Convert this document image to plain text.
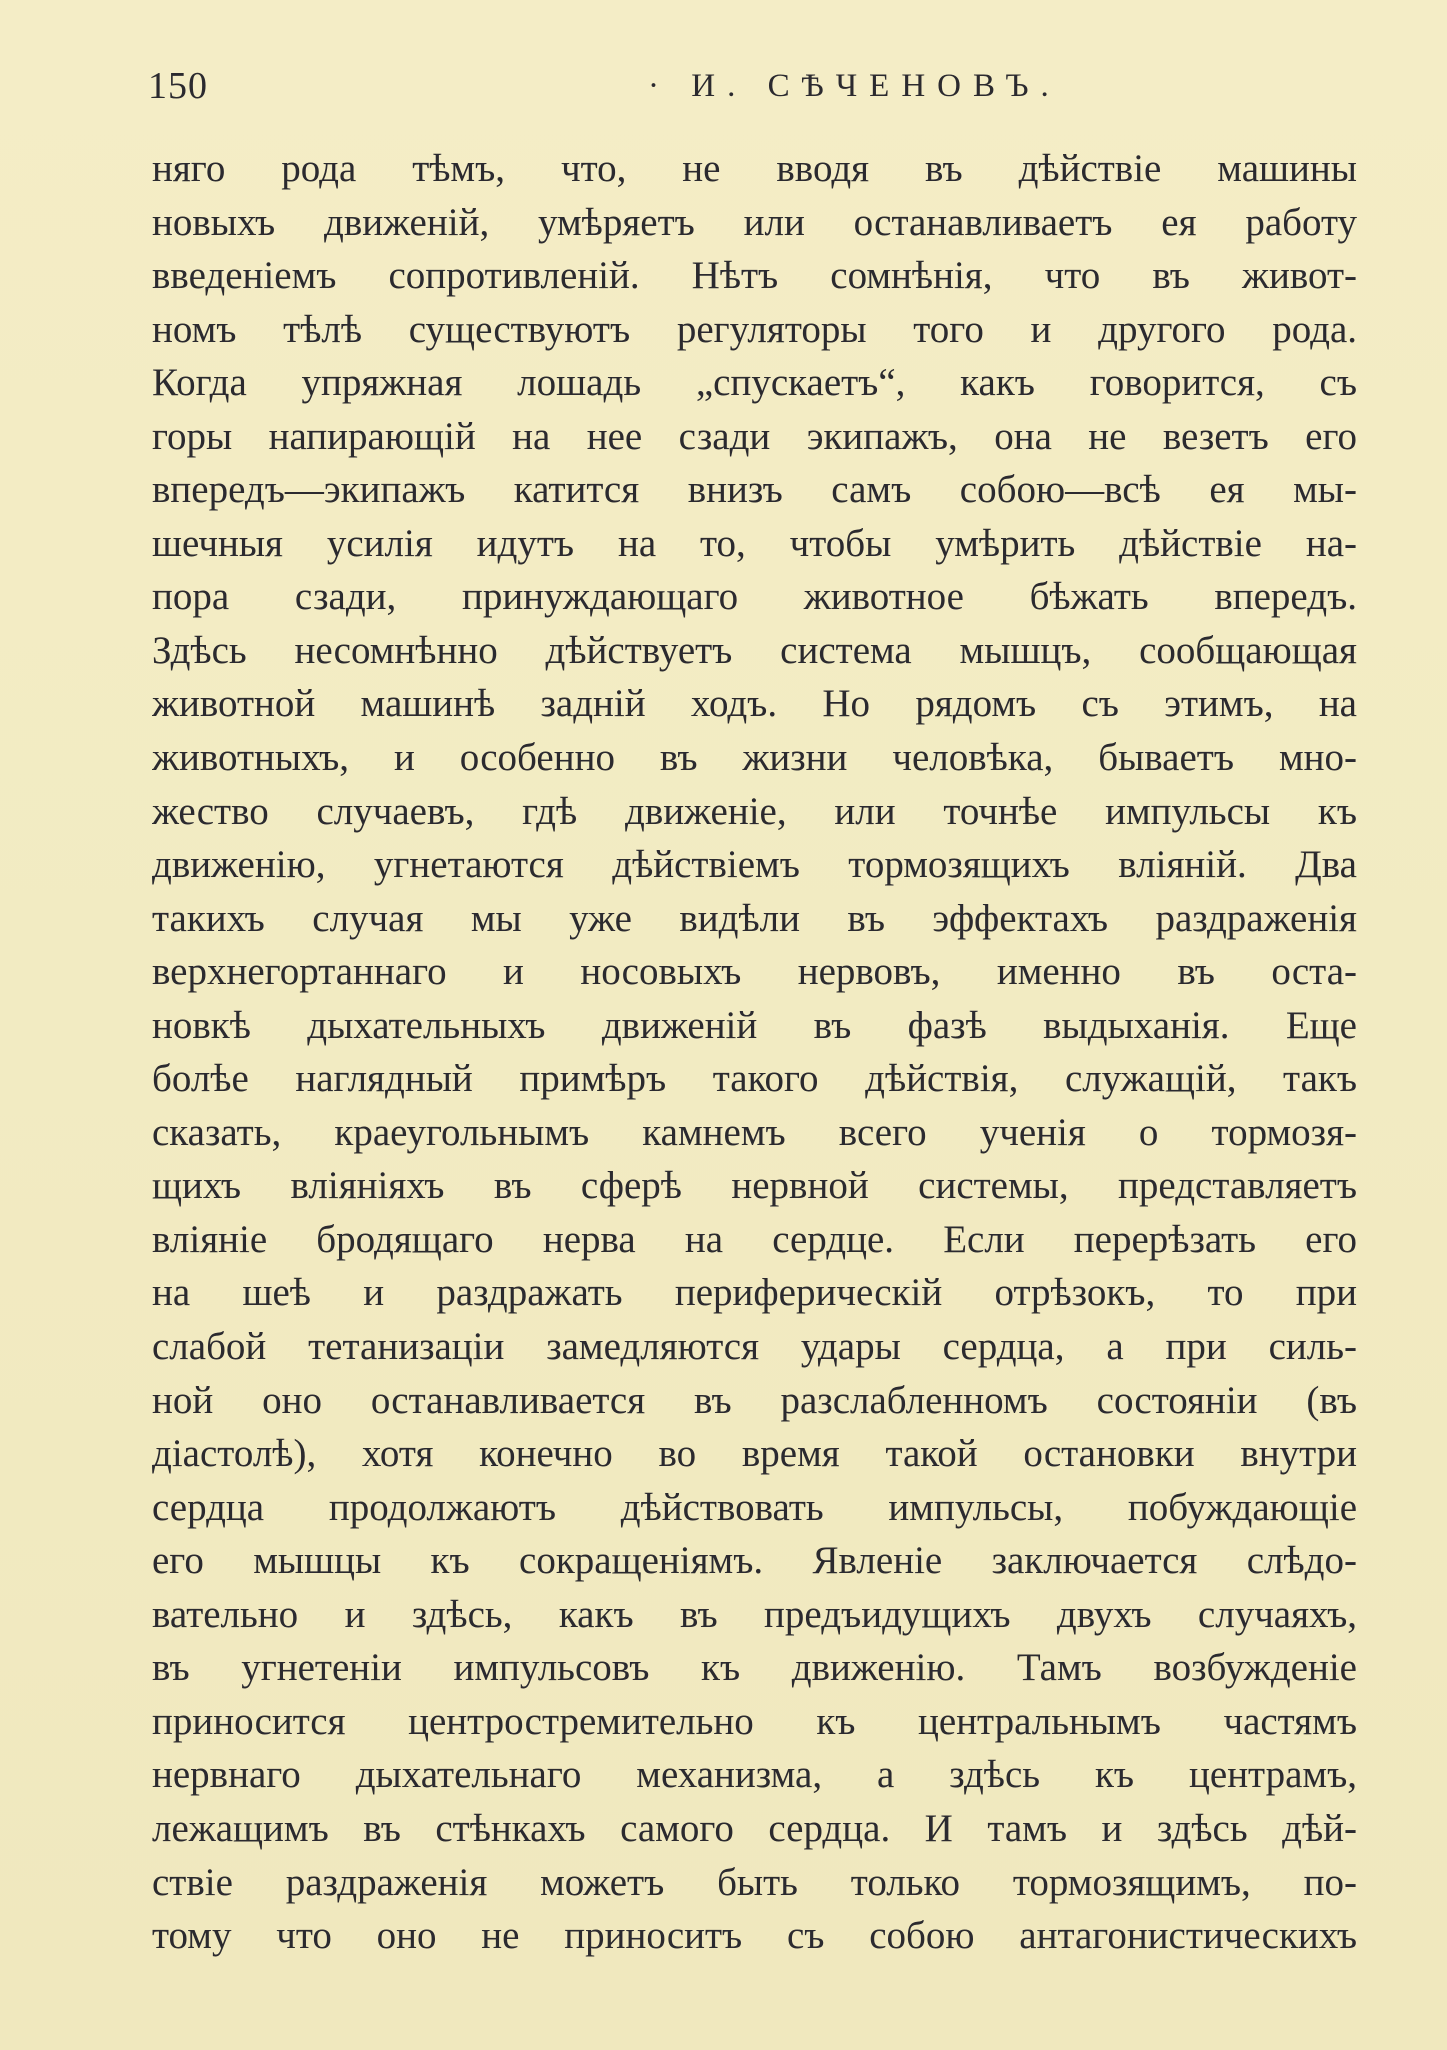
150	· И. СѢЧЕНОВЪ.
няго рода тѣмъ, что, не вводя въ дѣйствіе машины
новыхъ движеній, умѣряетъ или останавливаетъ ея работу
введеніемъ сопротивленій. Нѣтъ сомнѣнія, что въ живот-
номъ тѣлѣ существуютъ регуляторы того и другого рода.
Когда упряжная лошадь „спускаетъ“, какъ говорится, съ
горы напирающій на нее сзади экипажъ, она не везетъ его
впередъ—экипажъ катится внизъ самъ собою—всѣ ея мы-
шечныя усилія идутъ на то, чтобы умѣрить дѣйствіе на-
пора сзади, принуждающаго животное бѣжать впередъ.
Здѣсь несомнѣнно дѣйствуетъ система мышцъ, сообщающая
животной машинѣ задній ходъ. Но рядомъ съ этимъ, на
животныхъ, и особенно въ жизни человѣка, бываетъ мно-
жество случаевъ, гдѣ движеніе, или точнѣе импульсы къ
движенію, угнетаются дѣйствіемъ тормозящихъ вліяній. Два
такихъ случая мы уже видѣли въ эффектахъ раздраженія
верхнегортаннаго и носовыхъ нервовъ, именно въ оста-
новкѣ дыхательныхъ движеній въ фазѣ выдыханія. Еще
болѣе наглядный примѣръ такого дѣйствія, служащій, такъ
сказать, краеугольнымъ камнемъ всего ученія о тормозя-
щихъ вліяніяхъ въ сферѣ нервной системы, представляетъ
вліяніе бродящаго нерва на сердце. Если перерѣзать его
на шеѣ и раздражать периферическій отрѣзокъ, то при
слабой тетанизаціи замедляются удары сердца, а при силь-
ной оно останавливается въ разслабленномъ состояніи (въ
діастолѣ), хотя конечно во время такой остановки внутри
сердца продолжаютъ дѣйствовать импульсы, побуждающіе
его мышцы къ сокращеніямъ. Явленіе заключается слѣдо-
вательно и здѣсь, какъ въ предъидущихъ двухъ случаяхъ,
въ угнетеніи импульсовъ къ движенію. Тамъ возбужденіе
приносится центростремительно къ центральнымъ частямъ
нервнаго дыхательнаго механизма, а здѣсь къ центрамъ,
лежащимъ въ стѣнкахъ самого сердца. И тамъ и здѣсь дѣй-
ствіе раздраженія можетъ быть только тормозящимъ, по-
тому что оно не приноситъ съ собою антагонистическихъ
